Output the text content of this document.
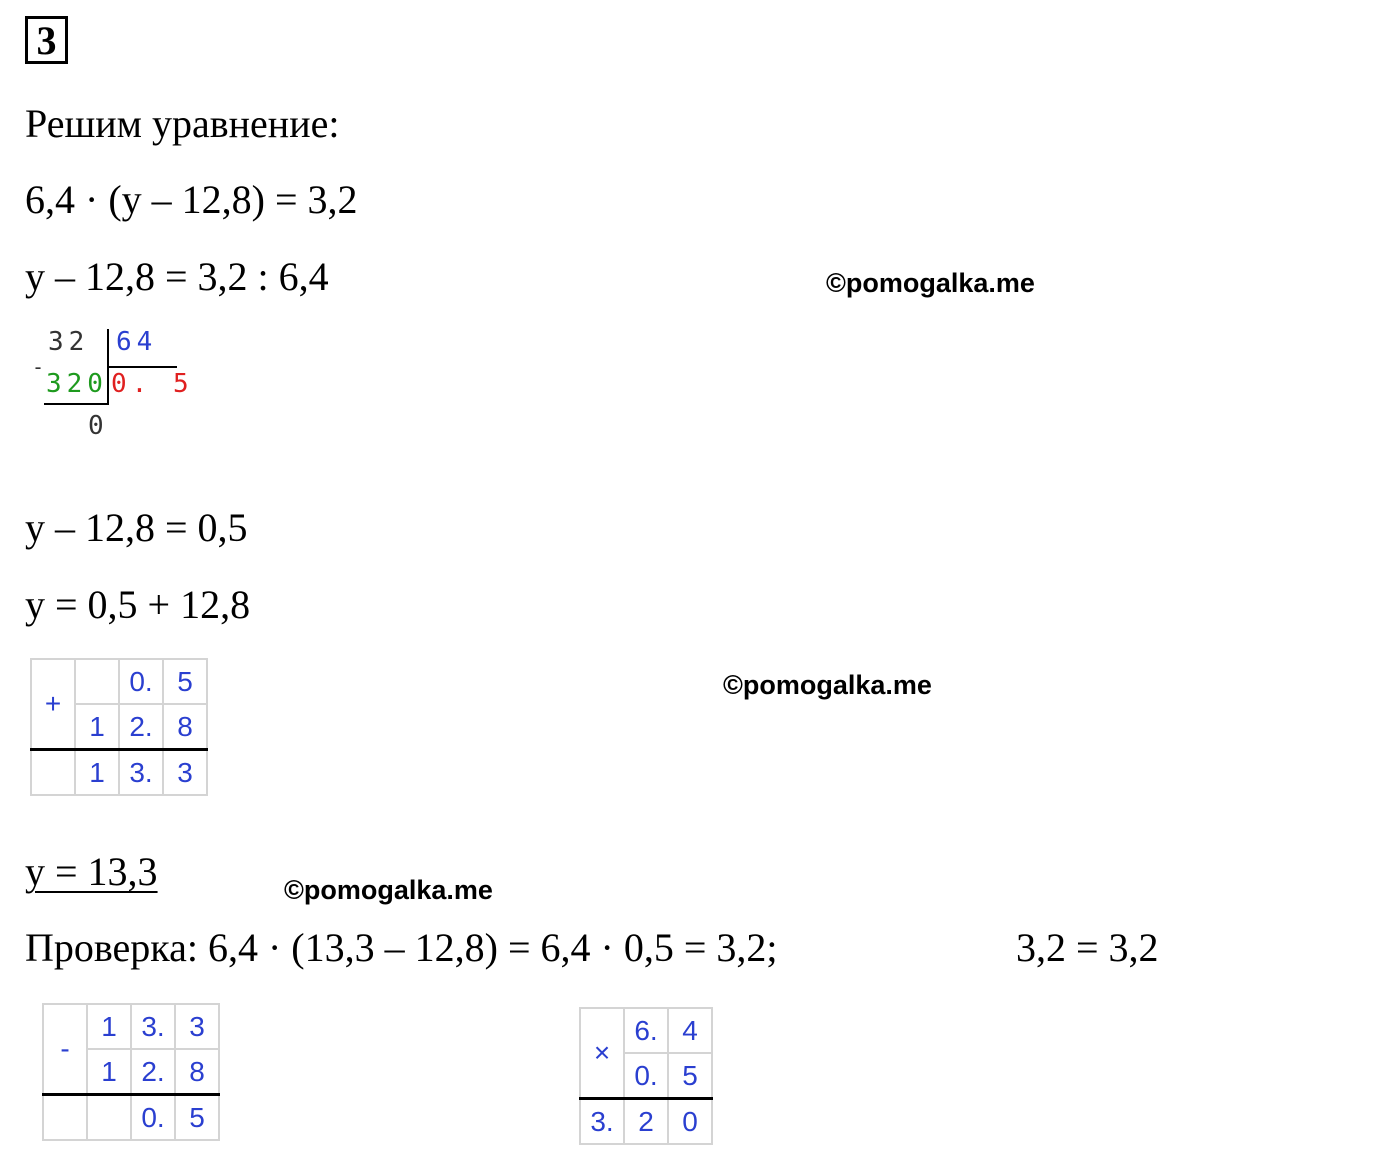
3
Решим уравнение:
6,4 · (y – 12,8) = 3,2
y – 12,8 = 3,2 : 6,4	©pomogalka.me
32 64
-
320 0. 5
0
y – 12,8 = 0,5
y = 0,5 + 12,8
+		0.	5
	1	2.	8
	1	3.	3
©pomogalka.me
y = 13,3	©pomogalka.me
Проверка: 6,4 · (13,3 – 12,8) = 6,4 · 0,5 = 3,2;	3,2 = 3,2
-	1	3.	3
	1	2.	8
		0.	5
×	6.	4
	0.	5
3.	2	0
